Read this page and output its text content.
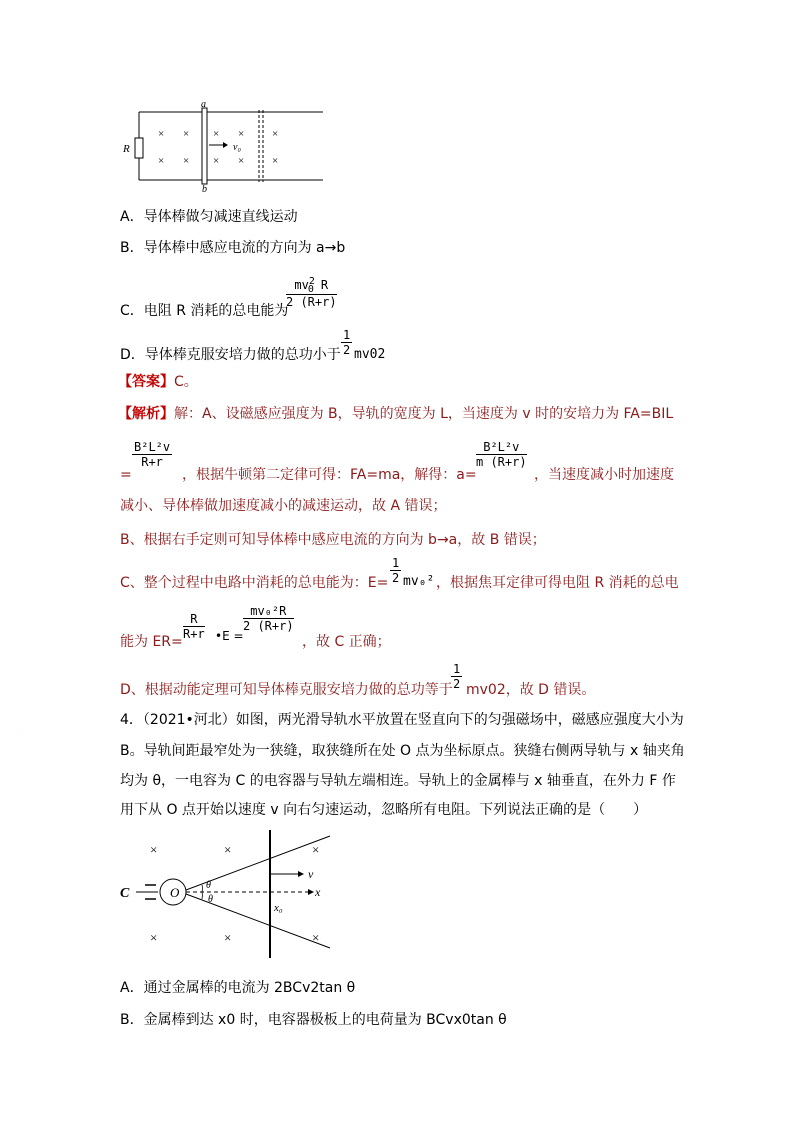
R
a
b
v₀
× × × ×	×
× × × ×	×
A．导体棒做匀减速直线运动
B．导体棒中感应电流的方向为 a→b
C．电阻 R 消耗的总电能为
$\frac{mv20 R}{2 (R+r)}$
D．导体棒克服安培力做的总功小于 $\frac{1}{2} mv02$
【答案】C。
【解析】解：A、设磁感应强度为 B，导轨的宽度为 L，当速度为 v 时的安培力为 FA=BIL
=
$\frac{\text{B²L²v}}{R+r}$
，根据牛顿第二定律可得：FA=ma，解得：a=
$\frac{\text{B²L²v}}{m (R+r)}$
，当速度减小时加速度
减小、导体棒做加速度减小的减速运动，故 A 错误；
B、根据右手定则可知导体棒中感应电流的方向为 b→a，故 B 错误；
C、整个过程中电路中消耗的总电能为：$E= \frac{1}{2} mv_0^2$ ，根据焦耳定律可得电阻 R 消耗的总电
能为 ER=
$\frac{R}{R+r}$ •E =
$\frac{\text{mv₀²R}}{2 (R+r)}$
，故 C 正确；
D、根据动能定理可知导体棒克服安培力做的总功等于
$\frac{1}{2} mv02$，故 D 错误。
4．（2021•河北）如图，两光滑导轨水平放置在竖直向下的匀强磁场中，磁感应强度大小为
B。导轨间距最窄处为一狭缝，取狭缝所在处 O 点为坐标原点。狭缝右侧两导轨与 x 轴夹角
均为 θ，一电容为 C 的电容器与导轨左端相连。导轨上的金属棒与 x 轴垂直，在外力 F 作
用下从 O 点开始以速度 v 向右匀速运动，忽略所有电阻。下列说法正确的是（　　）
x
×	×	×
×	×	×
C	O	x
v
x₀
θ
θ
A．通过金属棒的电流为 2BCv2tan θ
B．金属棒到达 x0 时，电容器极板上的电荷量为 BCvx0tan θ
